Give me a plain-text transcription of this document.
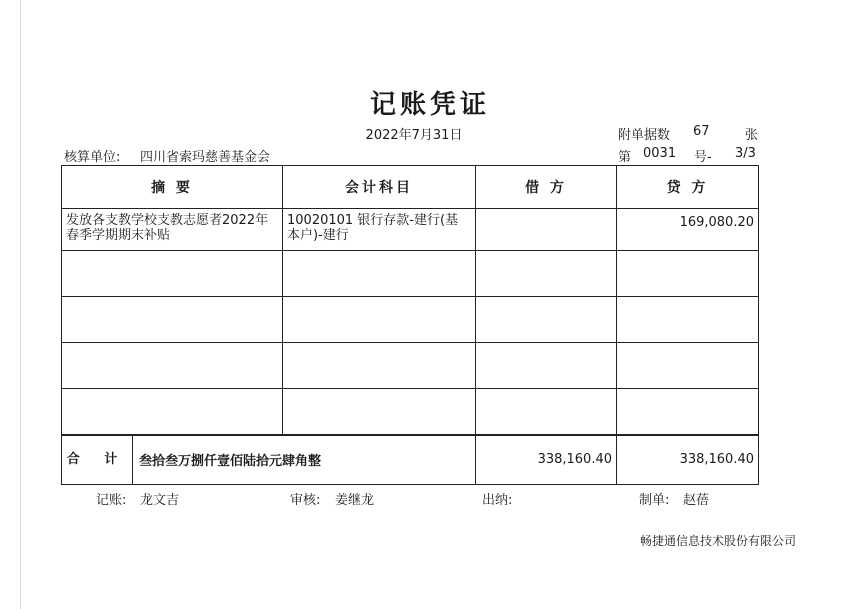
记账凭证
2022年7月31日	附单据数 67	张
核算单位: 四川省索玛慈善基金会	第 0031 号- 3/3
摘 要	会计科目	借 方	贷 方
发放各支教学校支教志愿者2022年春季学期期末补贴	10020101 银行存款-建行(基本户)-建行		169,080.20

合 计 叁拾叁万捌仟壹佰陆拾元肆角整		338,160.40	338,160.40
记账: 龙文吉	审核: 姜继龙	出纳:	制单: 赵蓓
畅捷通信息技术股份有限公司
